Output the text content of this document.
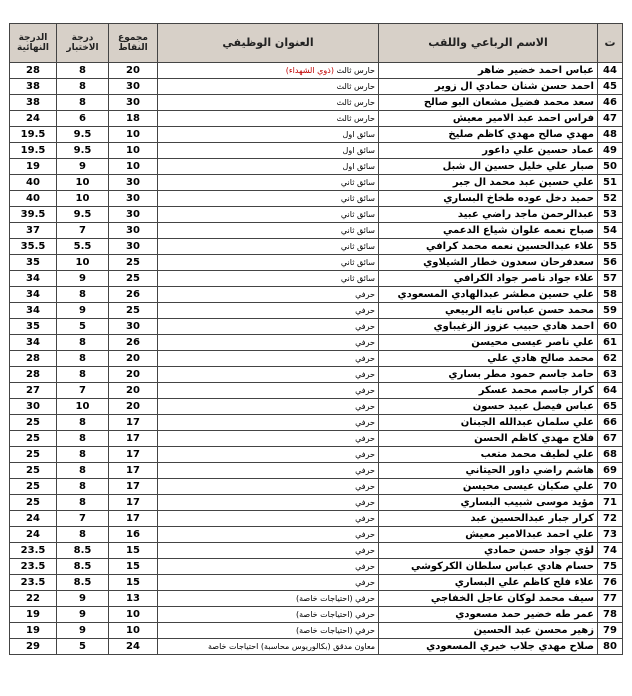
ت	الاسم الرباعي واللقب	العنوان الوظيفي	مجموع النقاط	درجة الاختبار	الدرجة النهائية
44	عباس احمد خضير ضاهر	حارس ثالث (ذوي الشهداء)	20	8	28
45	احمد حسن شنان حمادي ال زوير	حارس ثالث	30	8	38
46	سعد محمد فضيل مشعان البو صالح	حارس ثالث	30	8	38
47	فراس احمد عبد الامير معيش	حارس ثالث	18	6	24
48	مهدي صالح مهدي كاظم صليخ	سائق اول	10	9.5	19.5
49	عماد حسين علي داعور	سائق اول	10	9.5	19.5
50	صبار علي خليل حسين ال شبل	سائق اول	10	9	19
51	علي حسين عبد محمد ال جبر	سائق ثاني	30	10	40
52	حميد دخل عوده طخاخ البساري	سائق ثاني	30	10	40
53	عبدالرحمن ماجد راضي عبيد	سائق ثاني	30	9.5	39.5
54	صباح نعمه علوان شياع الدعمي	سائق ثاني	30	7	37
55	علاء عبدالحسين نعمه محمد كرافي	سائق ثاني	30	5.5	35.5
56	سعدفرحان سعدون خطار الشيلاوي	سائق ثاني	25	10	35
57	علاء جواد ناصر جواد الكرافي	سائق ثاني	25	9	34
58	علي حسين مطشر عبدالهادي المسعودي	حرفي	26	8	34
59	محمد حسن عباس نايه الربيعي	حرفي	25	9	34
60	احمد هادي حبيب عزوز الزغيباوي	حرفي	30	5	35
61	علي ناصر عيسى محيسن	حرفي	26	8	34
62	محمد صالح هادي علي	حرفي	20	8	28
63	حامد جاسم حمود مطر بساري	حرفي	20	8	28
64	كرار جاسم محمد عسكر	حرفي	20	7	27
65	عباس فيصل عبيد حسون	حرفي	20	10	30
66	علي سلمان عبدالله الجبنان	حرفي	17	8	25
67	فلاح مهدي كاظم الحسن	حرفي	17	8	25
68	علي لطيف محمد متعب	حرفي	17	8	25
69	هاشم راضي داور الحيتاني	حرفي	17	8	25
70	علي صكبان عيسى محيسن	حرفي	17	8	25
71	مؤيد موسى شبيب البساري	حرفي	17	8	25
72	كرار جبار عبدالحسين عبد	حرفي	17	7	24
73	علي احمد عبدالامير معيش	حرفي	16	8	24
74	لؤي جواد حسن حمادي	حرفي	15	8.5	23.5
75	حسام هادي عباس سلطان الكركوشي	حرفي	15	8.5	23.5
76	علاء فلح كاظم علي البساري	حرفي	15	8.5	23.5
77	سيف محمد لوكان عاجل الخفاجي	حرفي (احتياجات خاصة)	13	9	22
78	عمر طه خضير حمد مسعودي	حرفي (احتياجات خاصة)	10	9	19
79	زهير محسن عبد الحسين	حرفي (احتياجات خاصة)	10	9	19
80	صلاح مهدي جلاب خيري المسعودي	معاون مدقق (بكالوريوس محاسبة) احتياجات خاصة	24	5	29
